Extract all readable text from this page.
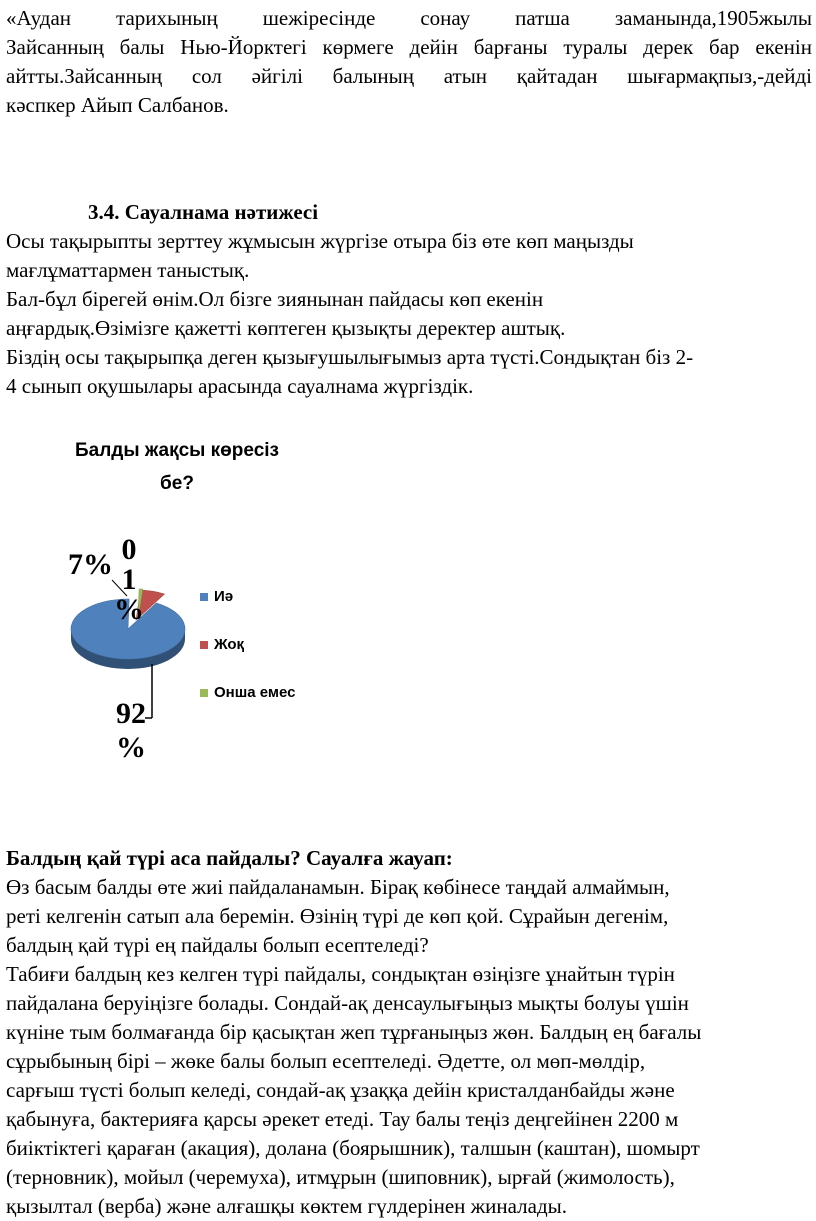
«Аудан тарихының шежіресінде сонау патша заманында,1905жылы
Зайсанның балы Нью-Йорктегі көрмеге дейін барғаны туралы дерек бар екенін
айтты.Зайсанның сол әйгілі балының атын қайтадан шығармақпыз,-дейді
кәспкер Айып Салбанов.
3.4. Сауалнама нәтижесі
Осы тақырыпты зерттеу жұмысын жүргізе отыра біз өте көп маңызды
мағлұматтармен таныстық.
Бал-бұл бірегей өнім.Ол бізге зиянынан пайдасы көп екенін
аңғардық.Өзімізге қажетті көптеген қызықты деректер аштық.
Біздің осы тақырыпқа деген қызығушылығымыз арта түсті.Сондықтан біз 2-
4 сынып оқушылары арасында сауалнама жүргіздік.
Балды жақсы көресіз бе?
7% 0
1 %
92 %
Иә
Жоқ
Онша емес
Балдың қай түрі аса пайдалы? Сауалға жауап:
Өз басым балды өте жиі пайдаланамын. Бірақ көбінесе таңдай алмаймын,
реті келгенін сатып ала беремін. Өзінің түрі де көп қой. Сұрайын дегенім,
балдың қай түрі ең пайдалы болып есептеледі?
Табиғи балдың кез келген түрі пайдалы, сондықтан өзіңізге ұнайтын түрін
пайдалана беруіңізге болады. Сондай-ақ денсаулығыңыз мықты болуы үшін
күніне тым болмағанда бір қасықтан жеп тұрғаныңыз жөн. Балдың ең бағалы
сұрыбының бірі – жөке балы болып есептеледі. Әдетте, ол мөп-мөлдір,
сарғыш түсті болып келеді, сондай-ақ ұзаққа дейін кристалданбайды және
қабынуға, бактерияға қарсы әрекет етеді. Тау балы теңіз деңгейінен 2200 м
биіктіктегі қараған (акация), долана (боярышник), талшын (каштан), шомырт
(терновник), мойыл (черемуха), итмұрын (шиповник), ырғай (жимолость),
қызылтал (верба) және алғашқы көктем гүлдерінен жиналады.
